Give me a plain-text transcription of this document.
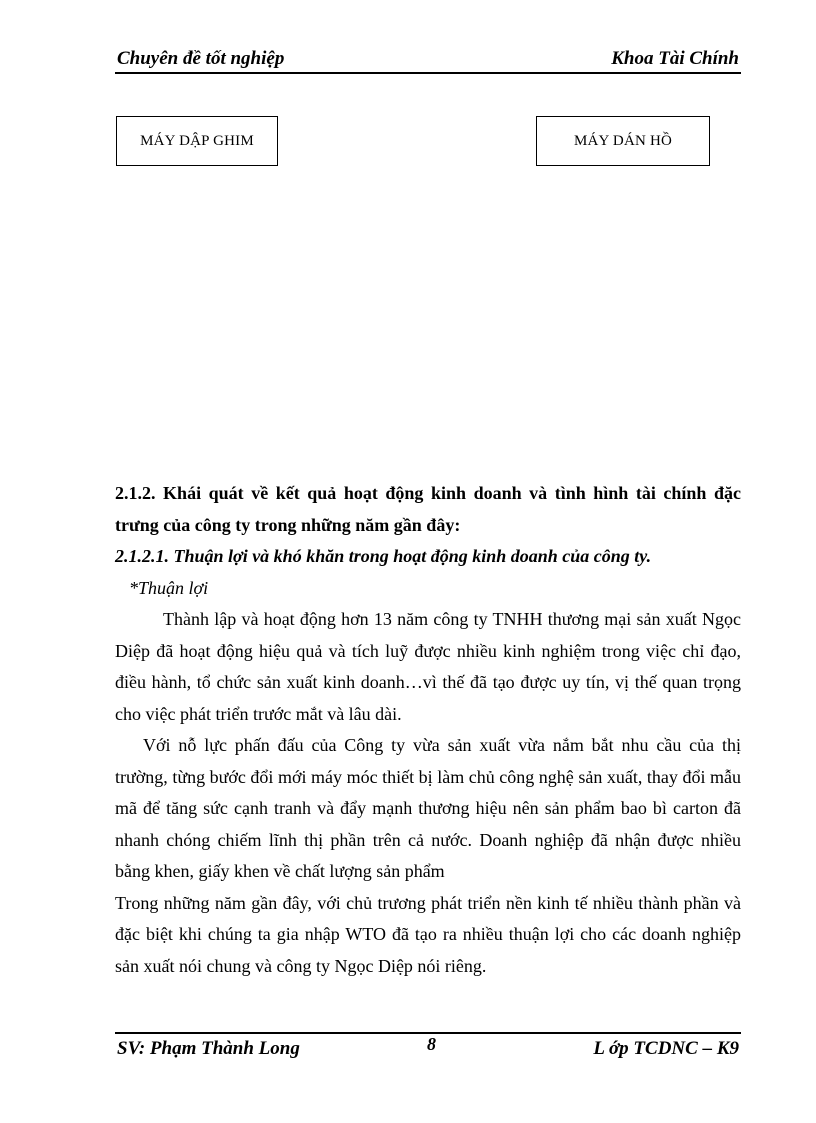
Chuyên đề tốt nghiệp	Khoa Tài Chính
MÁY DẬP GHIM	MÁY DÁN HỒ

2.1.2. Khái quát về kết quả hoạt động kinh doanh và tình hình tài chính đặc trưng của công ty trong những năm gần đây:

2.1.2.1. Thuận lợi và khó khăn trong hoạt động kinh doanh của công ty.

*Thuận lợi

Thành lập và hoạt động hơn 13 năm công ty TNHH thương mại sản xuất Ngọc Diệp đã hoạt động hiệu quả và tích luỹ được nhiều kinh nghiệm trong việc chỉ đạo, điều hành, tổ chức sản xuất kinh doanh…vì thế đã tạo được uy tín, vị thế quan trọng cho việc phát triển trước mắt và lâu dài.

Với nỗ lực phấn đấu của Công ty vừa sản xuất vừa nắm bắt nhu cầu của thị trường, từng bước đổi mới máy móc thiết bị làm chủ công nghệ sản xuất, thay đổi mẫu mã để tăng sức cạnh tranh và đẩy mạnh thương hiệu nên sản phẩm bao bì carton đã nhanh chóng chiếm lĩnh thị phần trên cả nước. Doanh nghiệp đã nhận được nhiều bằng khen, giấy khen về chất lượng sản phẩm

Trong những năm gần đây, với chủ trương phát triển nền kinh tế nhiều thành phần và đặc biệt khi chúng ta gia nhập WTO đã tạo ra nhiều thuận lợi cho các doanh nghiệp sản xuất nói chung và công ty Ngọc Diệp nói riêng.

SV: Phạm Thành Long	8	L ớp TCDNC – K9
